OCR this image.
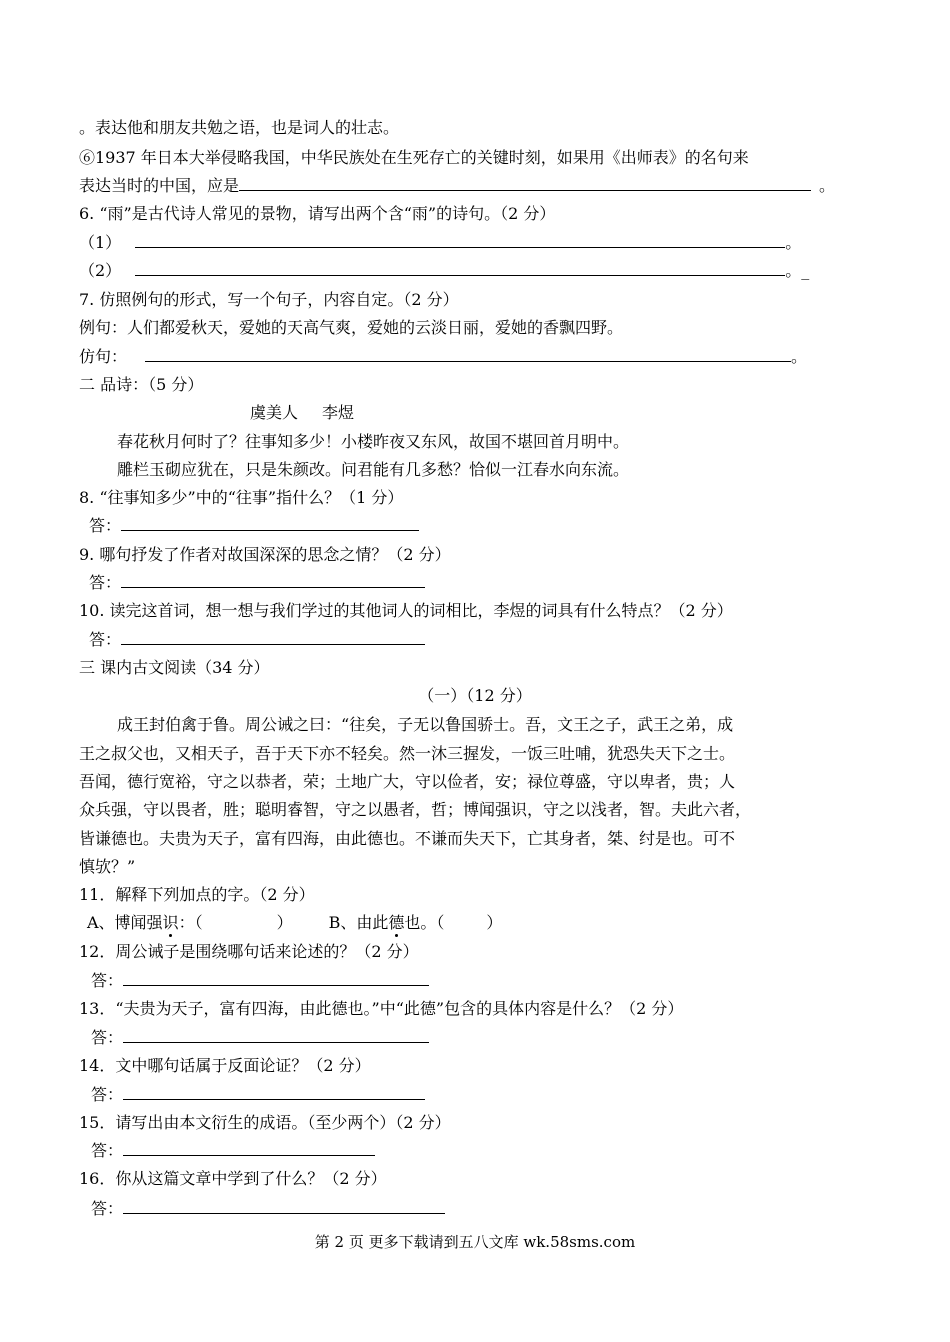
。表达他和朋友共勉之语，也是词人的壮志。
⑥1937 年日本大举侵略我国，中华民族处在生死存亡的关键时刻，如果用《出师表》的名句来
表达当时的中国，应是	。
6. “雨”是古代诗人常见的景物，请写出两个含“雨”的诗句。（2 分）
（1）	。
（2）	。_
7. 仿照例句的形式，写一个句子，内容自定。（2 分）
例句：人们都爱秋天，爱她的天高气爽，爱她的云淡日丽，爱她的香飘四野。
仿句：	。
二 品诗：（5 分）
虞美人 李煜
春花秋月何时了？往事知多少！小楼昨夜又东风，故国不堪回首月明中。
雕栏玉砌应犹在，只是朱颜改。问君能有几多愁？恰似一江春水向东流。
8. “往事知多少”中的“往事”指什么？（1 分）
答：
9. 哪句抒发了作者对故国深深的思念之情？（2 分）
答：
10. 读完这首词，想一想与我们学过的其他词人的词相比，李煜的词具有什么特点？（2 分）
答：
三 课内古文阅读（34 分）
（一）（12 分）
成王封伯禽于鲁。周公诫之曰：“往矣，子无以鲁国骄士。吾，文王之子，武王之弟，成
王之叔父也，又相天子，吾于天下亦不轻矣。然一沐三握发，一饭三吐哺，犹恐失天下之士。
吾闻，德行宽裕，守之以恭者，荣；土地广大，守以俭者，安；禄位尊盛，守以卑者，贵；人
众兵强，守以畏者，胜；聪明睿智，守之以愚者，哲；博闻强识，守之以浅者，智。夫此六者，
皆谦德也。夫贵为天子，富有四海，由此德也。不谦而失天下，亡其身者，桀、纣是也。可不
慎欤？”
11．解释下列加点的字。（2 分）
A、博闻强识：（	） B、由此德也。（	）
12．周公诫子是围绕哪句话来论述的？（2 分）
答：
13．“夫贵为天子，富有四海，由此德也。”中“此德”包含的具体内容是什么？（2 分）
答：
14．文中哪句话属于反面论证？（2 分）
答：
15．请写出由本文衍生的成语。（至少两个）（2 分）
答：
16．你从这篇文章中学到了什么？（2 分）
答：
第 2 页 更多下载请到五八文库 wk.58sms.com
